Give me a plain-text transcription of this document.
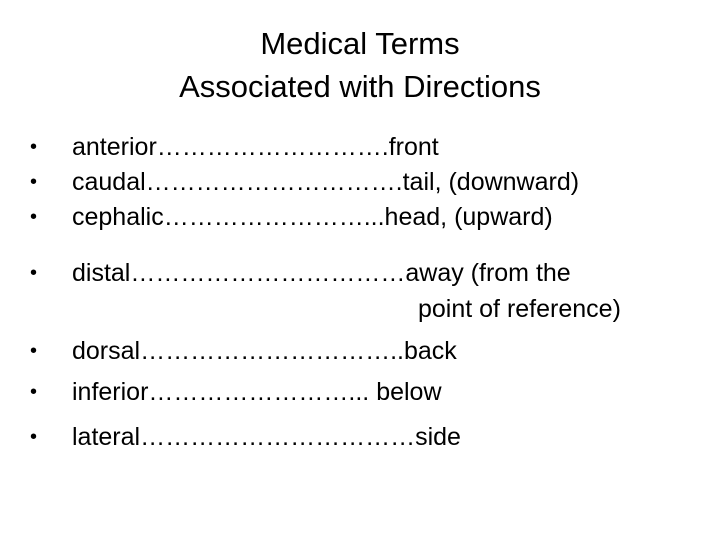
Medical Terms
Associated with Directions
• anterior……………………….front
• caudal………………………….tail, (downward)
• cephalic……………………...head, (upward)
• distal……………………………away (from the
point of reference)
• dorsal…………………………..back
• inferior……………………... below
• lateral……………………………side
